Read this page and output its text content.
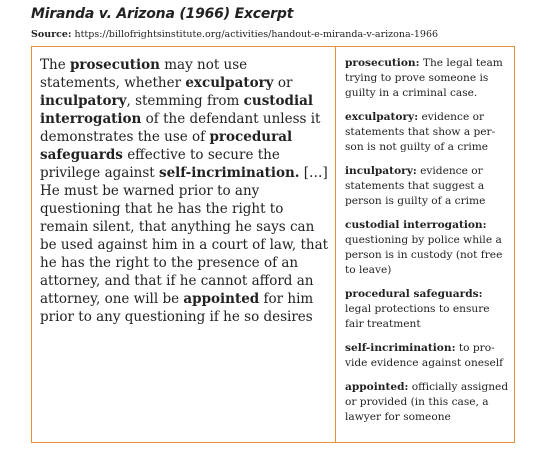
Miranda v. Arizona (1966) Excerpt
Source: https://billofrightsinstitute.org/activities/handout-e-miranda-v-arizona-1966

The prosecution may not use statements, whether exculpatory or inculpatory, stemming from custodial interrogation of the defendant unless it demonstrates the use of procedural safeguards effective to secure the privilege against self-incrimination. […] He must be warned prior to any questioning that he has the right to remain silent, that anything he says can be used against him in a court of law, that he has the right to the presence of an attorney, and that if he cannot afford an attorney, one will be appointed for him prior to any questioning if he so desires

prosecution: The legal team trying to prove someone is guilty in a criminal case.

exculpatory: evidence or statements that show a person is not guilty of a crime

inculpatory: evidence or statements that suggest a person is guilty of a crime

custodial interrogation: questioning by police while a person is in custody (not free to leave)

procedural safeguards: legal protections to ensure fair treatment

self-incrimination: to provide evidence against oneself

appointed: officially assigned or provided (in this case, a lawyer for someone
